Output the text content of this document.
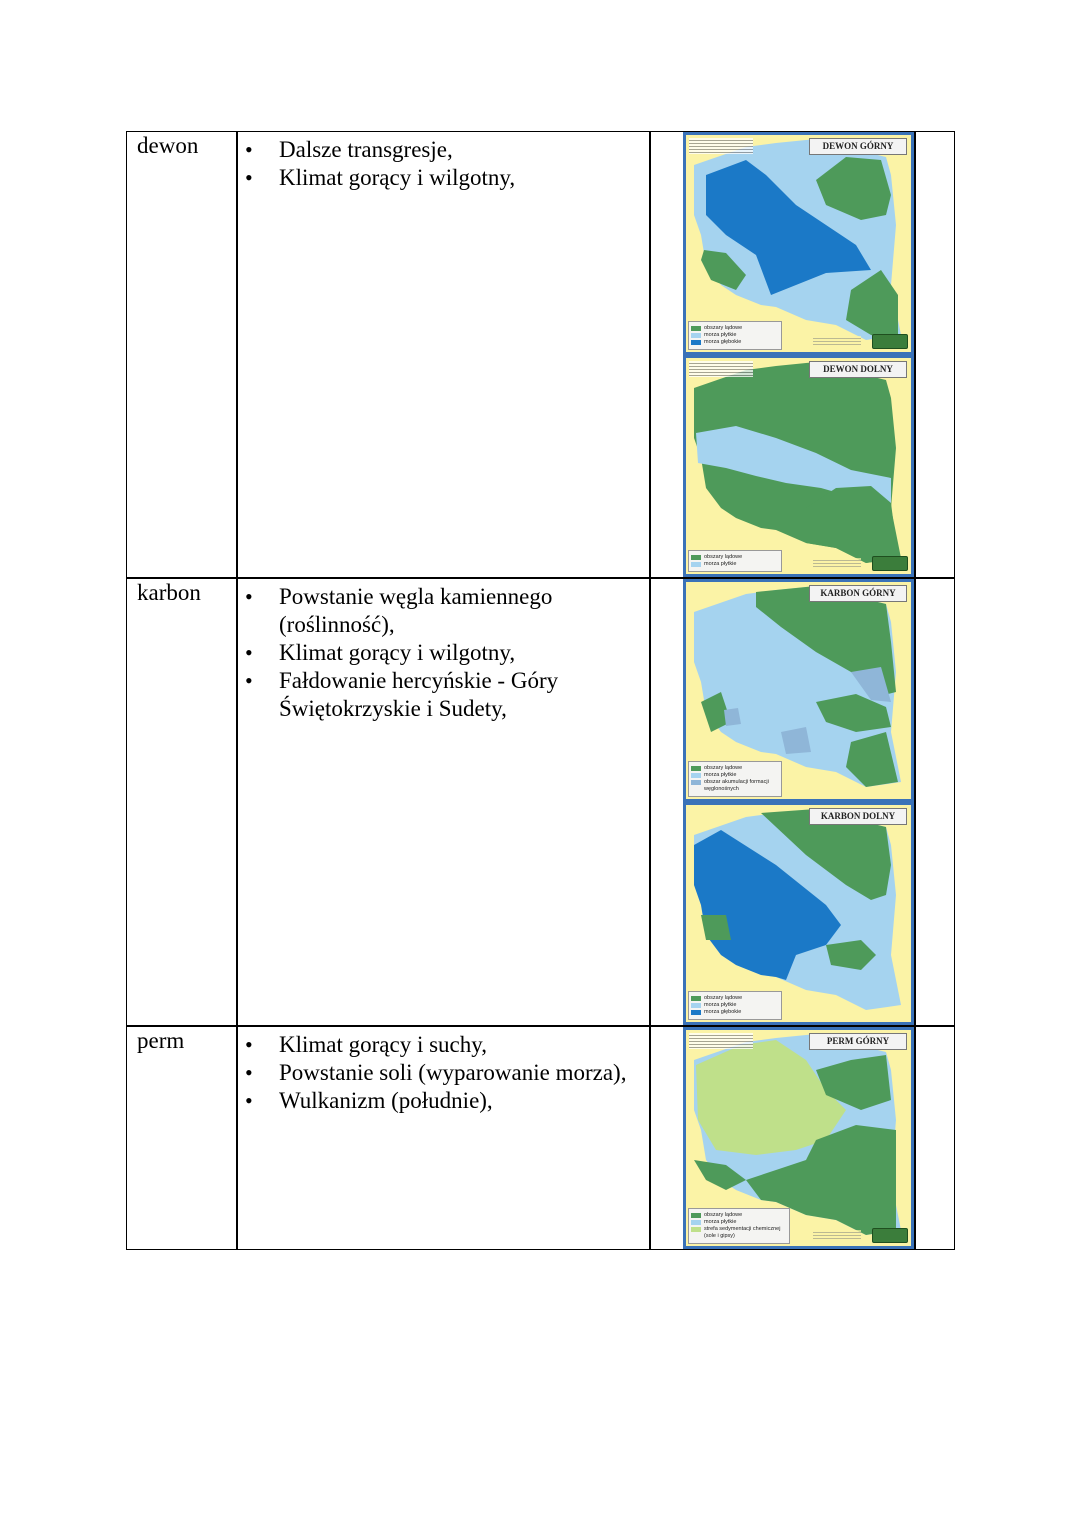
dewon	• Dalsze transgresje,
• Klimat gorący i wilgotny,
DEWON GÓRNY
obszary lądowe
morza płytkie
morza głębokie
DEWON DOLNY
obszary lądowe
morza płytkie
karbon	• Powstanie węgla kamiennego (roślinność),
• Klimat gorący i wilgotny,
• Fałdowanie hercyńskie - Góry Świętokrzyskie i Sudety,
KARBON GÓRNY
obszary lądowe
morza płytkie
obszar akumulacji formacji węglonośnych
KARBON DOLNY
obszary lądowe
morza płytkie
morza głębokie
perm	• Klimat gorący i suchy,
• Powstanie soli (wyparowanie morza),
• Wulkanizm (południe),
PERM GÓRNY
obszary lądowe
morza płytkie
strefa sedymentacji chemicznej (sole i gipsy)
